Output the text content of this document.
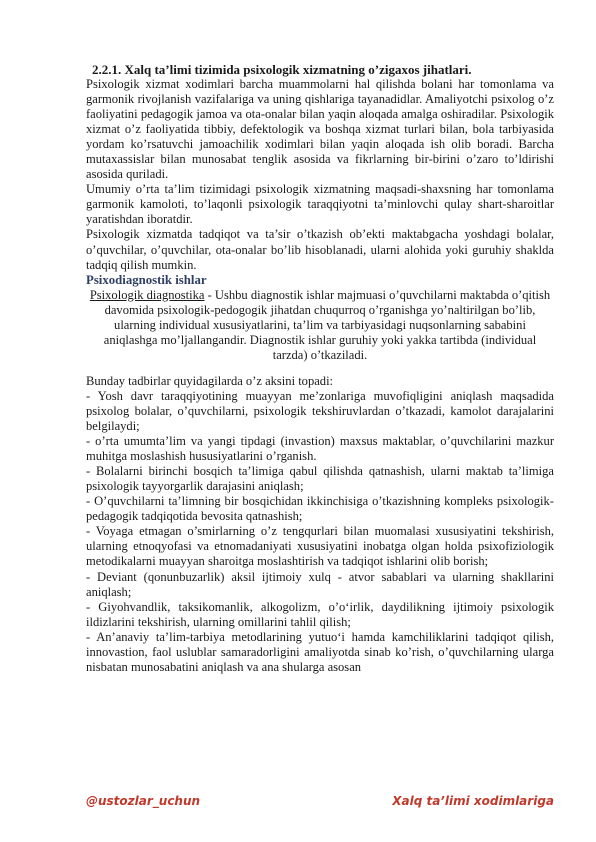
2.2.1. Xalq ta’limi tizimida psixologik xizmatning o’zigaxos jihatlari.

Psixologik xizmat xodimlari barcha muammolarni hal qilishda bolani har tomonlama va garmonik rivojlanish vazifalariga va uning qishlariga tayanadidlar. Amaliyotchi psixolog o’z faoliyatini pedagogik jamoa va ota-onalar bilan yaqin aloqada amalga oshiradilar. Psixologik xizmat o’z faoliyatida tibbiy, defektologik va boshqa xizmat turlari bilan, bola tarbiyasida yordam ko’rsatuvchi jamoachilik xodimlari bilan yaqin aloqada ish olib boradi. Barcha mutaxassislar bilan munosabat tenglik asosida va fikrlarning bir-birini o’zaro to’ldirishi asosida quriladi.

Umumiy o’rta ta’lim tizimidagi psixologik xizmatning maqsadi-shaxsning har tomonlama garmonik kamoloti, to’laqonli psixologik taraqqiyotni ta’minlovchi qulay shart-sharoitlar yaratishdan iboratdir.

Psixologik xizmatda tadqiqot va ta’sir o’tkazish ob’ekti maktabgacha yoshdagi bolalar, o’quvchilar, o’quvchilar, ota-onalar bo’lib hisoblanadi, ularni alohida yoki guruhiy shaklda tadqiq qilish mumkin.

Psixodiagnostik ishlar

Psixologik diagnostika - Ushbu diagnostik ishlar majmuasi o’quvchilarni maktabda o’qitish davomida psixologik-pedogogik jihatdan chuqurroq o’rganishga yo’naltirilgan bo’lib, ularning individual xususiyatlarini, ta’lim va tarbiyasidagi nuqsonlarning sababini aniqlashga mo’ljallangandir. Diagnostik ishlar guruhiy yoki yakka tartibda (individual tarzda) o’tkaziladi.

Bunday tadbirlar quyidagilarda o’z aksini topadi:

- Yosh davr taraqqiyotining muayyan me’zonlariga muvofiqligini aniqlash maqsadida psixolog bolalar, o’quvchilarni, psixologik tekshiruvlardan o’tkazadi, kamolot darajalarini belgilaydi;

- o’rta umumta’lim va yangi tipdagi (invastion) maxsus maktablar, o’quvchilarini mazkur muhitga moslashish hususiyatlarini o’rganish.

- Bolalarni birinchi bosqich ta’limiga qabul qilishda qatnashish, ularni maktab ta’limiga psixologik tayyorgarlik darajasini aniqlash;

- O’quvchilarni ta’limning bir bosqichidan ikkinchisiga o’tkazishning kompleks psixologik-pedagogik tadqiqotida bevosita qatnashish;

- Voyaga etmagan o’smirlarning o’z tengqurlari bilan muomalasi xususiyatini tekshirish, ularning etnoqyofasi va etnomadaniyati xususiyatini inobatga olgan holda psixofiziologik metodikalarni muayyan sharoitga moslashtirish va tadqiqot ishlarini olib borish;

- Deviant (qonunbuzarlik) aksil ijtimoiy xulq - atvor sabablari va ularning shakllarini aniqlash;

- Giyohvandlik, taksikomanlik, alkogolizm, o’o‘irlik, daydilikning ijtimoiy psixologik ildizlarini tekshirish, ularning omillarini tahlil qilish;

- An’anaviy ta’lim-tarbiya metodlarining yutuo‘i hamda kamchiliklarini tadqiqot qilish, innovastion, faol uslublar samaradorligini amaliyotda sinab ko’rish, o’quvchilarning ularga nisbatan munosabatini aniqlash va ana shularga asosan

@ustozlar_uchun	Xalq ta’limi xodimlariga
